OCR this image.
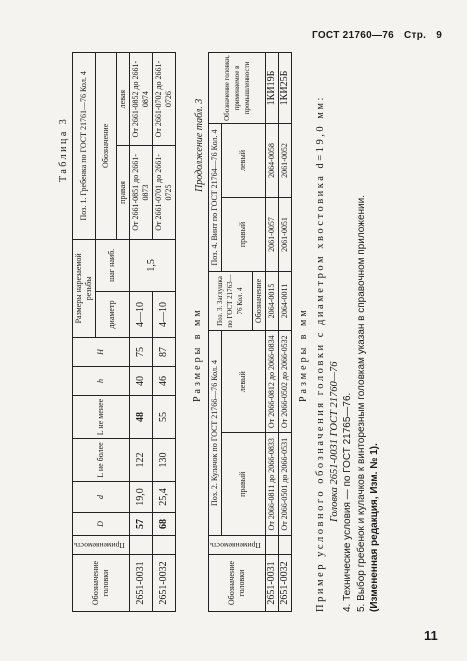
ГОСТ 21760—76 Стр. 9
Таблица 3
Обозначение головки	Применяемость	D	d	L не более	L не менее	h	H	Размеры нарезаемой резьбы		Поз. 1. Гребенка по ГОСТ 21761—76 Кол. 4	
								диаметр	шаг наиб.	Обозначение	
										правая	левая
2651-0031		57	19,0	122	48	40	75	4—10	1,5	От 2661-0851 до 2661-0873	От 2661-0852 до 2661-0874
2651-0032		68	25,4	130	55	46	87	4—10		От 2661-0701 до 2661-0725	От 2661-0702 до 2661-0726
Размеры в мм
Продолжение табл. 3
Обозначение головки	Применяемость	Поз. 2. Кулачок по ГОСТ 21766—76 Кол. 4		Поз. 3. Заглушка по ГОСТ 21763—76 Кол. 4	Поз. 4. Винт по ГОСТ 21764—76 Кол. 4		Обозначение головки, применяемое в промышленности
		правый	левый		правый	левый	
				Обозначение			
2651-0031		От 2066-0811 до 2066-0833	От 2066-0812 до 2066-0834	2064-0015	2061-0057	2064-0058	1КИ19Б
2651-0032		От 2066-0501 до 2066-0531	От 2066-0502 до 2066-0532	2064-0011	2061-0051	2061-0052	1КИ25Б
Размеры в мм Пример условного обозначения головки с диаметром хвостовика d=19,0 мм: Головка 2651-0031 ГОСТ 21760—76 4. Технические условия — по ГОСТ 21765—76. 5. Выбор гребенок и кулачков к винторезным головкам указан в справочном приложении. (Измененная редакция, Изм. № 1).

11
